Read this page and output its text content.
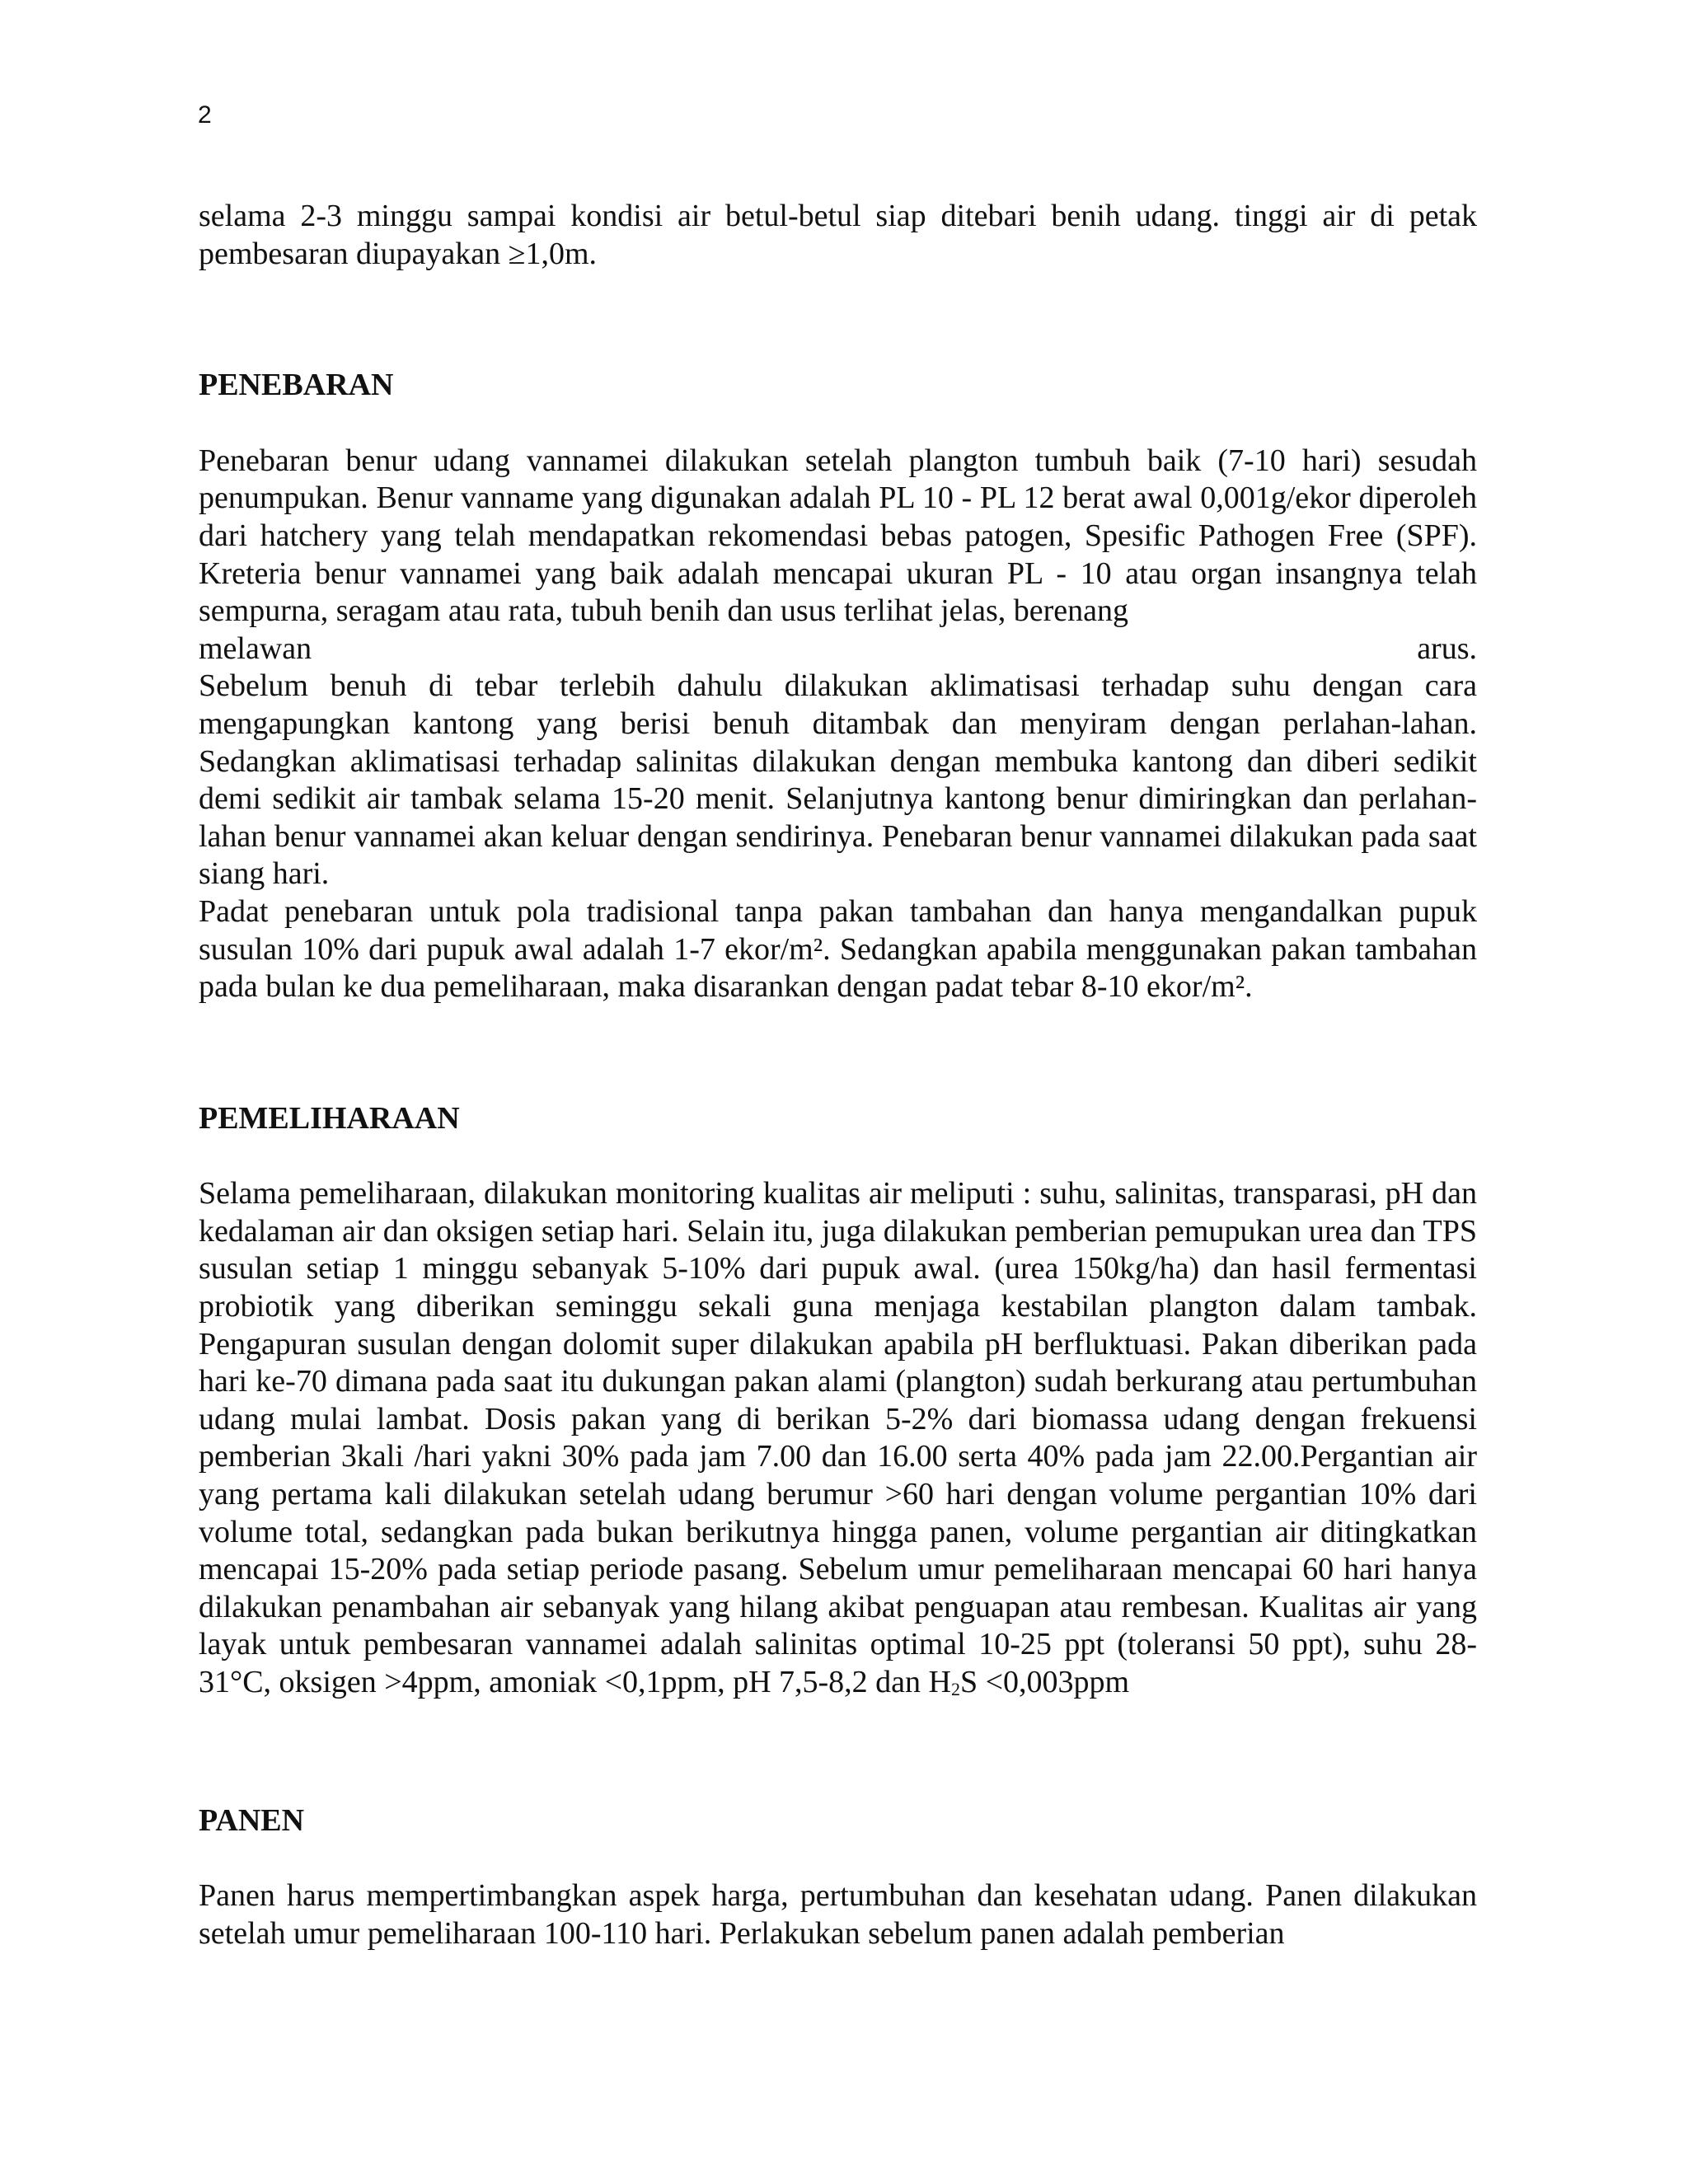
2

selama 2-3 minggu sampai kondisi air betul-betul siap ditebari benih udang. tinggi air di petak pembesaran diupayakan ≥1,0m.

PENEBARAN

Penebaran benur udang vannamei dilakukan setelah plangton tumbuh baik (7-10 hari) sesudah penumpukan. Benur vanname yang digunakan adalah PL 10 - PL 12 berat awal 0,001g/ekor diperoleh dari hatchery yang telah mendapatkan rekomendasi bebas patogen, Spesific Pathogen Free (SPF). Kreteria benur vannamei yang baik adalah mencapai ukuran PL - 10 atau organ insangnya telah sempurna, seragam atau rata, tubuh benih dan usus terlihat jelas, berenang

melawan	arus.

Sebelum benuh di tebar terlebih dahulu dilakukan aklimatisasi terhadap suhu dengan cara mengapungkan kantong yang berisi benuh ditambak dan menyiram dengan perlahan-lahan. Sedangkan aklimatisasi terhadap salinitas dilakukan dengan membuka kantong dan diberi sedikit demi sedikit air tambak selama 15-20 menit. Selanjutnya kantong benur dimiringkan dan perlahan-lahan benur vannamei akan keluar dengan sendirinya. Penebaran benur vannamei dilakukan pada saat siang hari.

Padat penebaran untuk pola tradisional tanpa pakan tambahan dan hanya mengandalkan pupuk susulan 10% dari pupuk awal adalah 1-7 ekor/m². Sedangkan apabila menggunakan pakan tambahan pada bulan ke dua pemeliharaan, maka disarankan dengan padat tebar 8-10 ekor/m².

PEMELIHARAAN

Selama pemeliharaan, dilakukan monitoring kualitas air meliputi : suhu, salinitas, transparasi, pH dan kedalaman air dan oksigen setiap hari. Selain itu, juga dilakukan pemberian pemupukan urea dan TPS susulan setiap 1 minggu sebanyak 5-10% dari pupuk awal. (urea 150kg/ha) dan hasil fermentasi probiotik yang diberikan seminggu sekali guna menjaga kestabilan plangton dalam tambak. Pengapuran susulan dengan dolomit super dilakukan apabila pH berfluktuasi. Pakan diberikan pada hari ke-70 dimana pada saat itu dukungan pakan alami (plangton) sudah berkurang atau pertumbuhan udang mulai lambat. Dosis pakan yang di berikan 5-2% dari biomassa udang dengan frekuensi pemberian 3kali /hari yakni 30% pada jam 7.00 dan 16.00 serta 40% pada jam 22.00.Pergantian air yang pertama kali dilakukan setelah udang berumur >60 hari dengan volume pergantian 10% dari volume total, sedangkan pada bukan berikutnya hingga panen, volume pergantian air ditingkatkan mencapai 15-20% pada setiap periode pasang. Sebelum umur pemeliharaan mencapai 60 hari hanya dilakukan penambahan air sebanyak yang hilang akibat penguapan atau rembesan. Kualitas air yang layak untuk pembesaran vannamei adalah salinitas optimal 10-25 ppt (toleransi 50 ppt), suhu 28-31°C, oksigen >4ppm, amoniak <0,1ppm, pH 7,5-8,2 dan H2S <0,003ppm

PANEN

Panen harus mempertimbangkan aspek harga, pertumbuhan dan kesehatan udang. Panen dilakukan setelah umur pemeliharaan 100-110 hari. Perlakukan sebelum panen adalah pemberian
